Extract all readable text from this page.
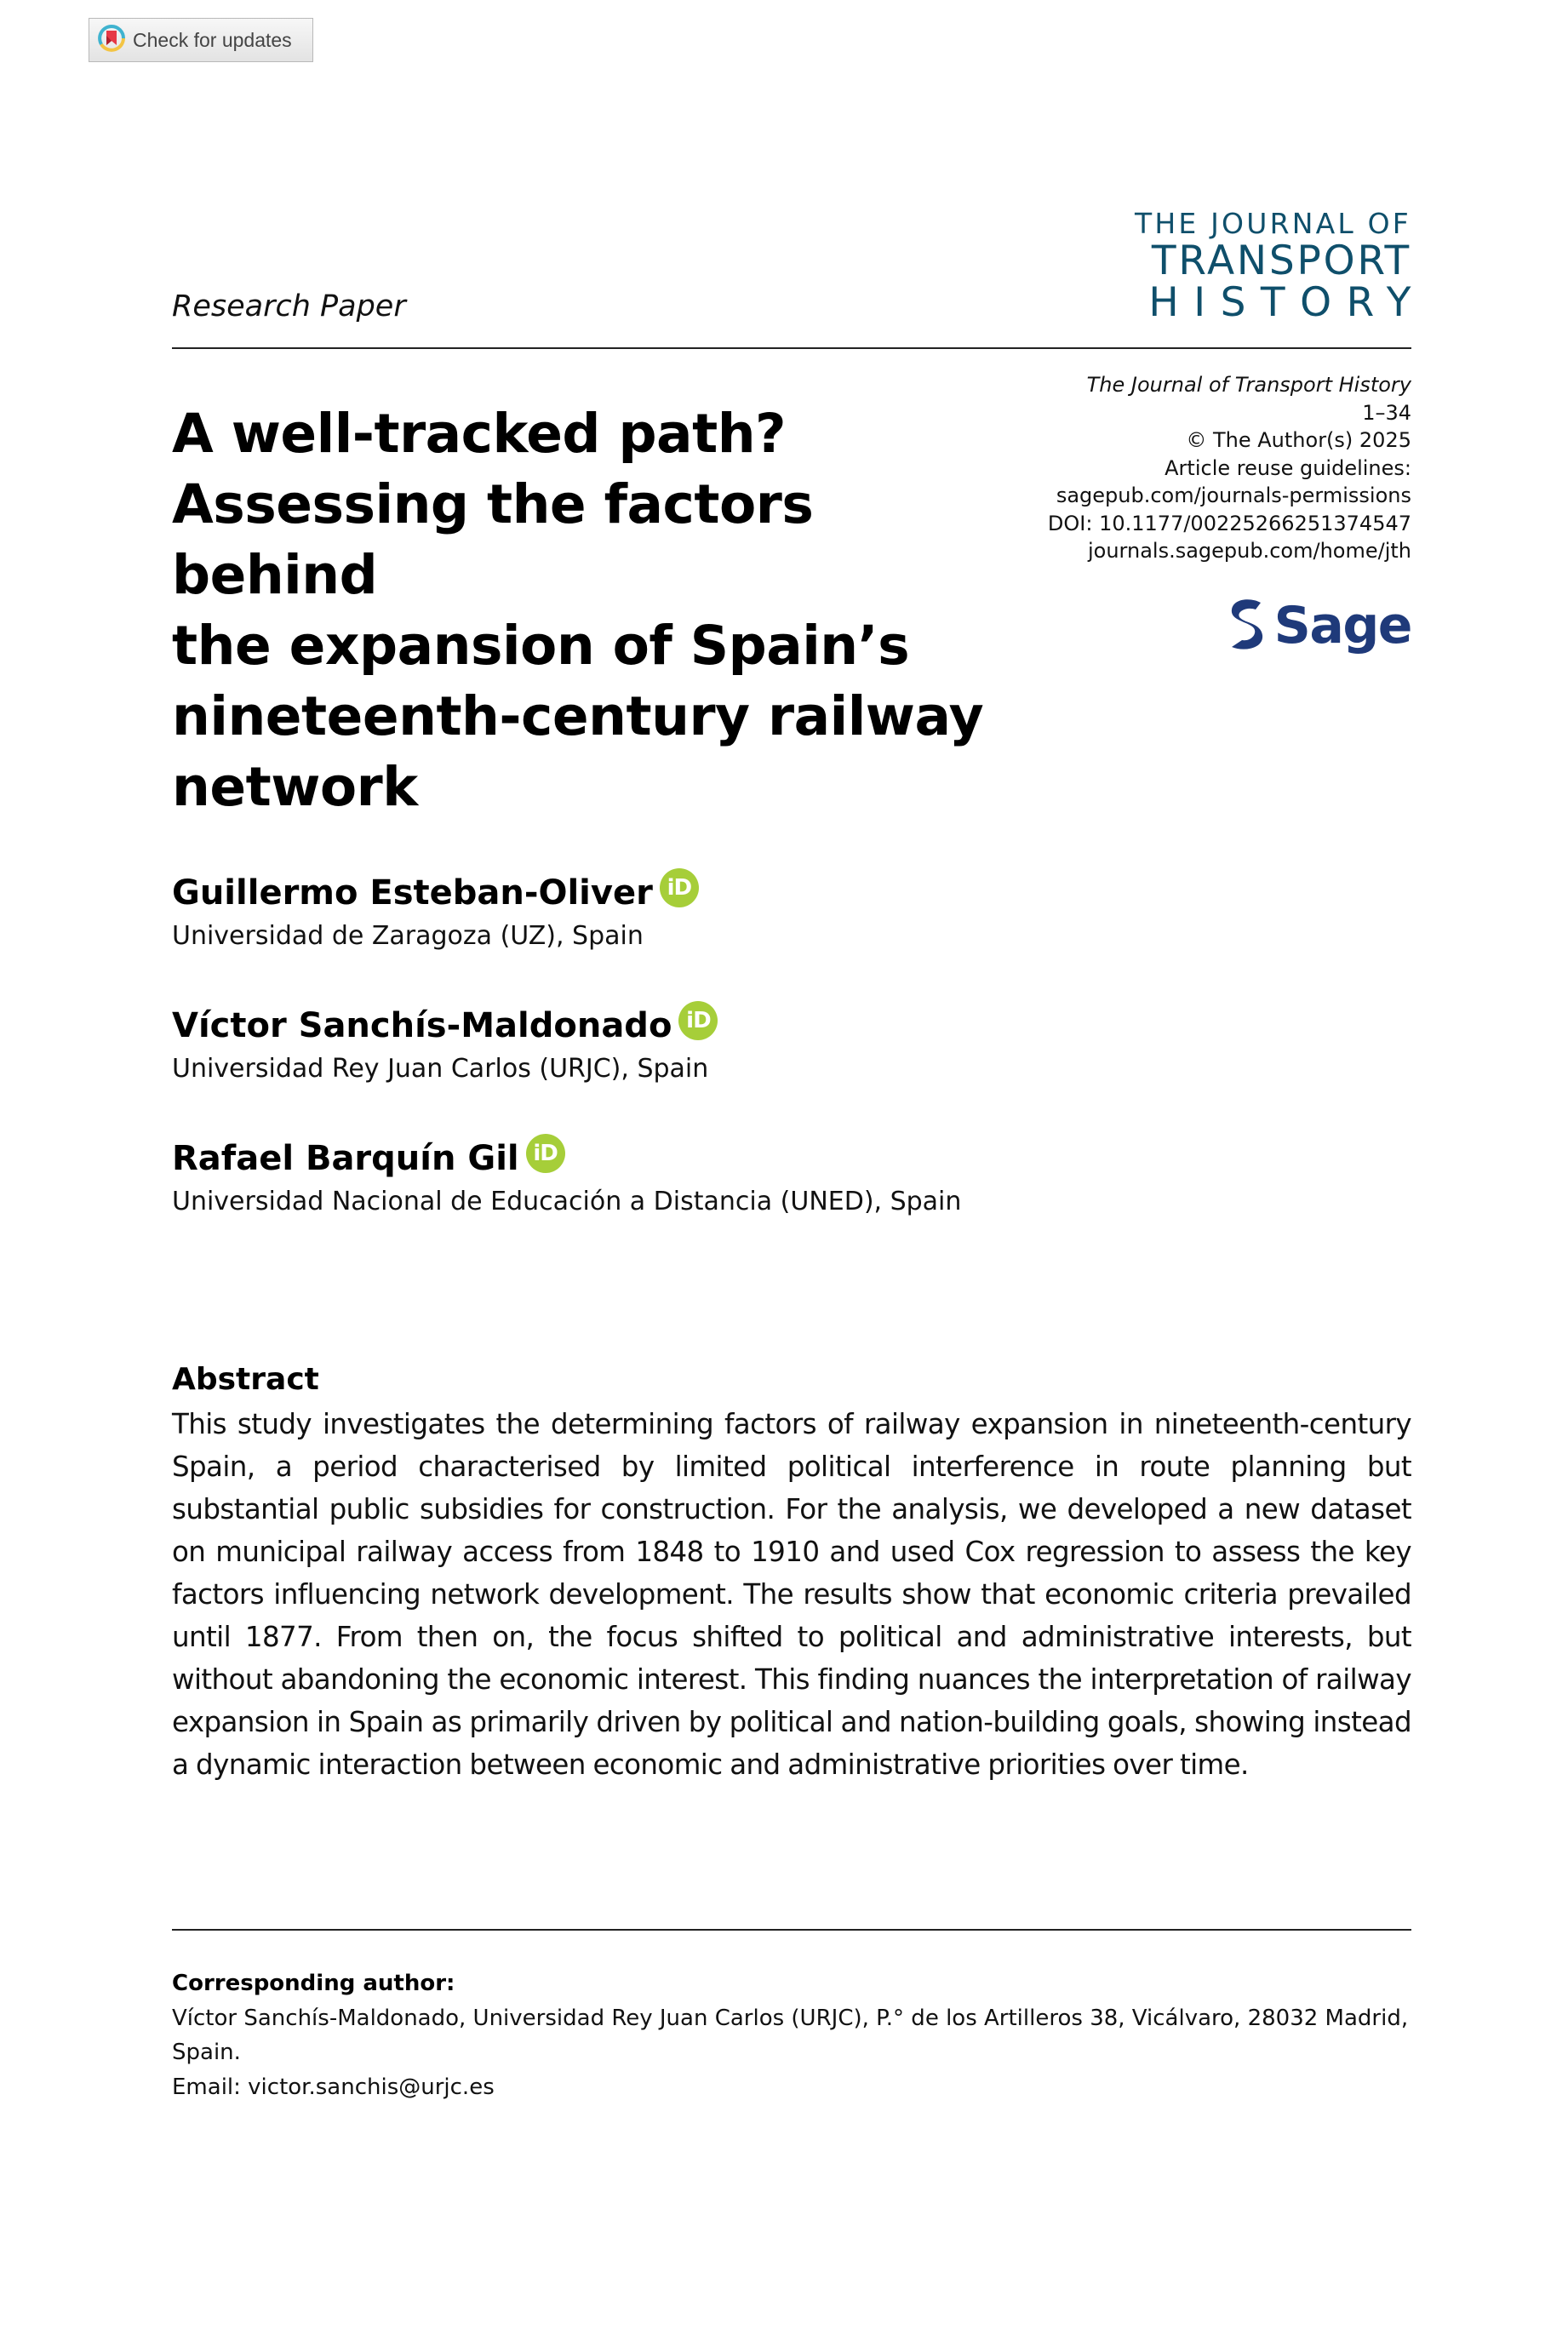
Check for updates
THE JOURNAL OF
TRANSPORT
HISTORY
Research Paper
A well-tracked path?
Assessing the factors behind
the expansion of Spain’s
nineteenth-century railway
network
The Journal of Transport History
1–34
© The Author(s) 2025
Article reuse guidelines:
sagepub.com/journals-permissions
DOI: 10.1177/00225266251374547
journals.sagepub.com/home/jth
Sage
Guillermo Esteban-Oliver iD
Universidad de Zaragoza (UZ), Spain
Víctor Sanchís-Maldonado iD
Universidad Rey Juan Carlos (URJC), Spain
Rafael Barquín Gil iD
Universidad Nacional de Educación a Distancia (UNED), Spain
Abstract

This study investigates the determining factors of railway expansion in nineteenth-century Spain, a period characterised by limited political interference in route planning but substantial public subsidies for construction. For the analysis, we developed a new dataset on municipal railway access from 1848 to 1910 and used Cox regression to assess the key factors influencing network development. The results show that economic criteria prevailed until 1877. From then on, the focus shifted to political and administrative interests, but without abandoning the economic interest. This finding nuances the interpretation of railway expansion in Spain as primarily driven by political and nation-building goals, showing instead a dynamic interaction between economic and administrative priorities over time.

Corresponding author:
Víctor Sanchís-Maldonado, Universidad Rey Juan Carlos (URJC), P.° de los Artilleros 38, Vicálvaro, 28032 Madrid, Spain.
Email: victor.sanchis@urjc.es
